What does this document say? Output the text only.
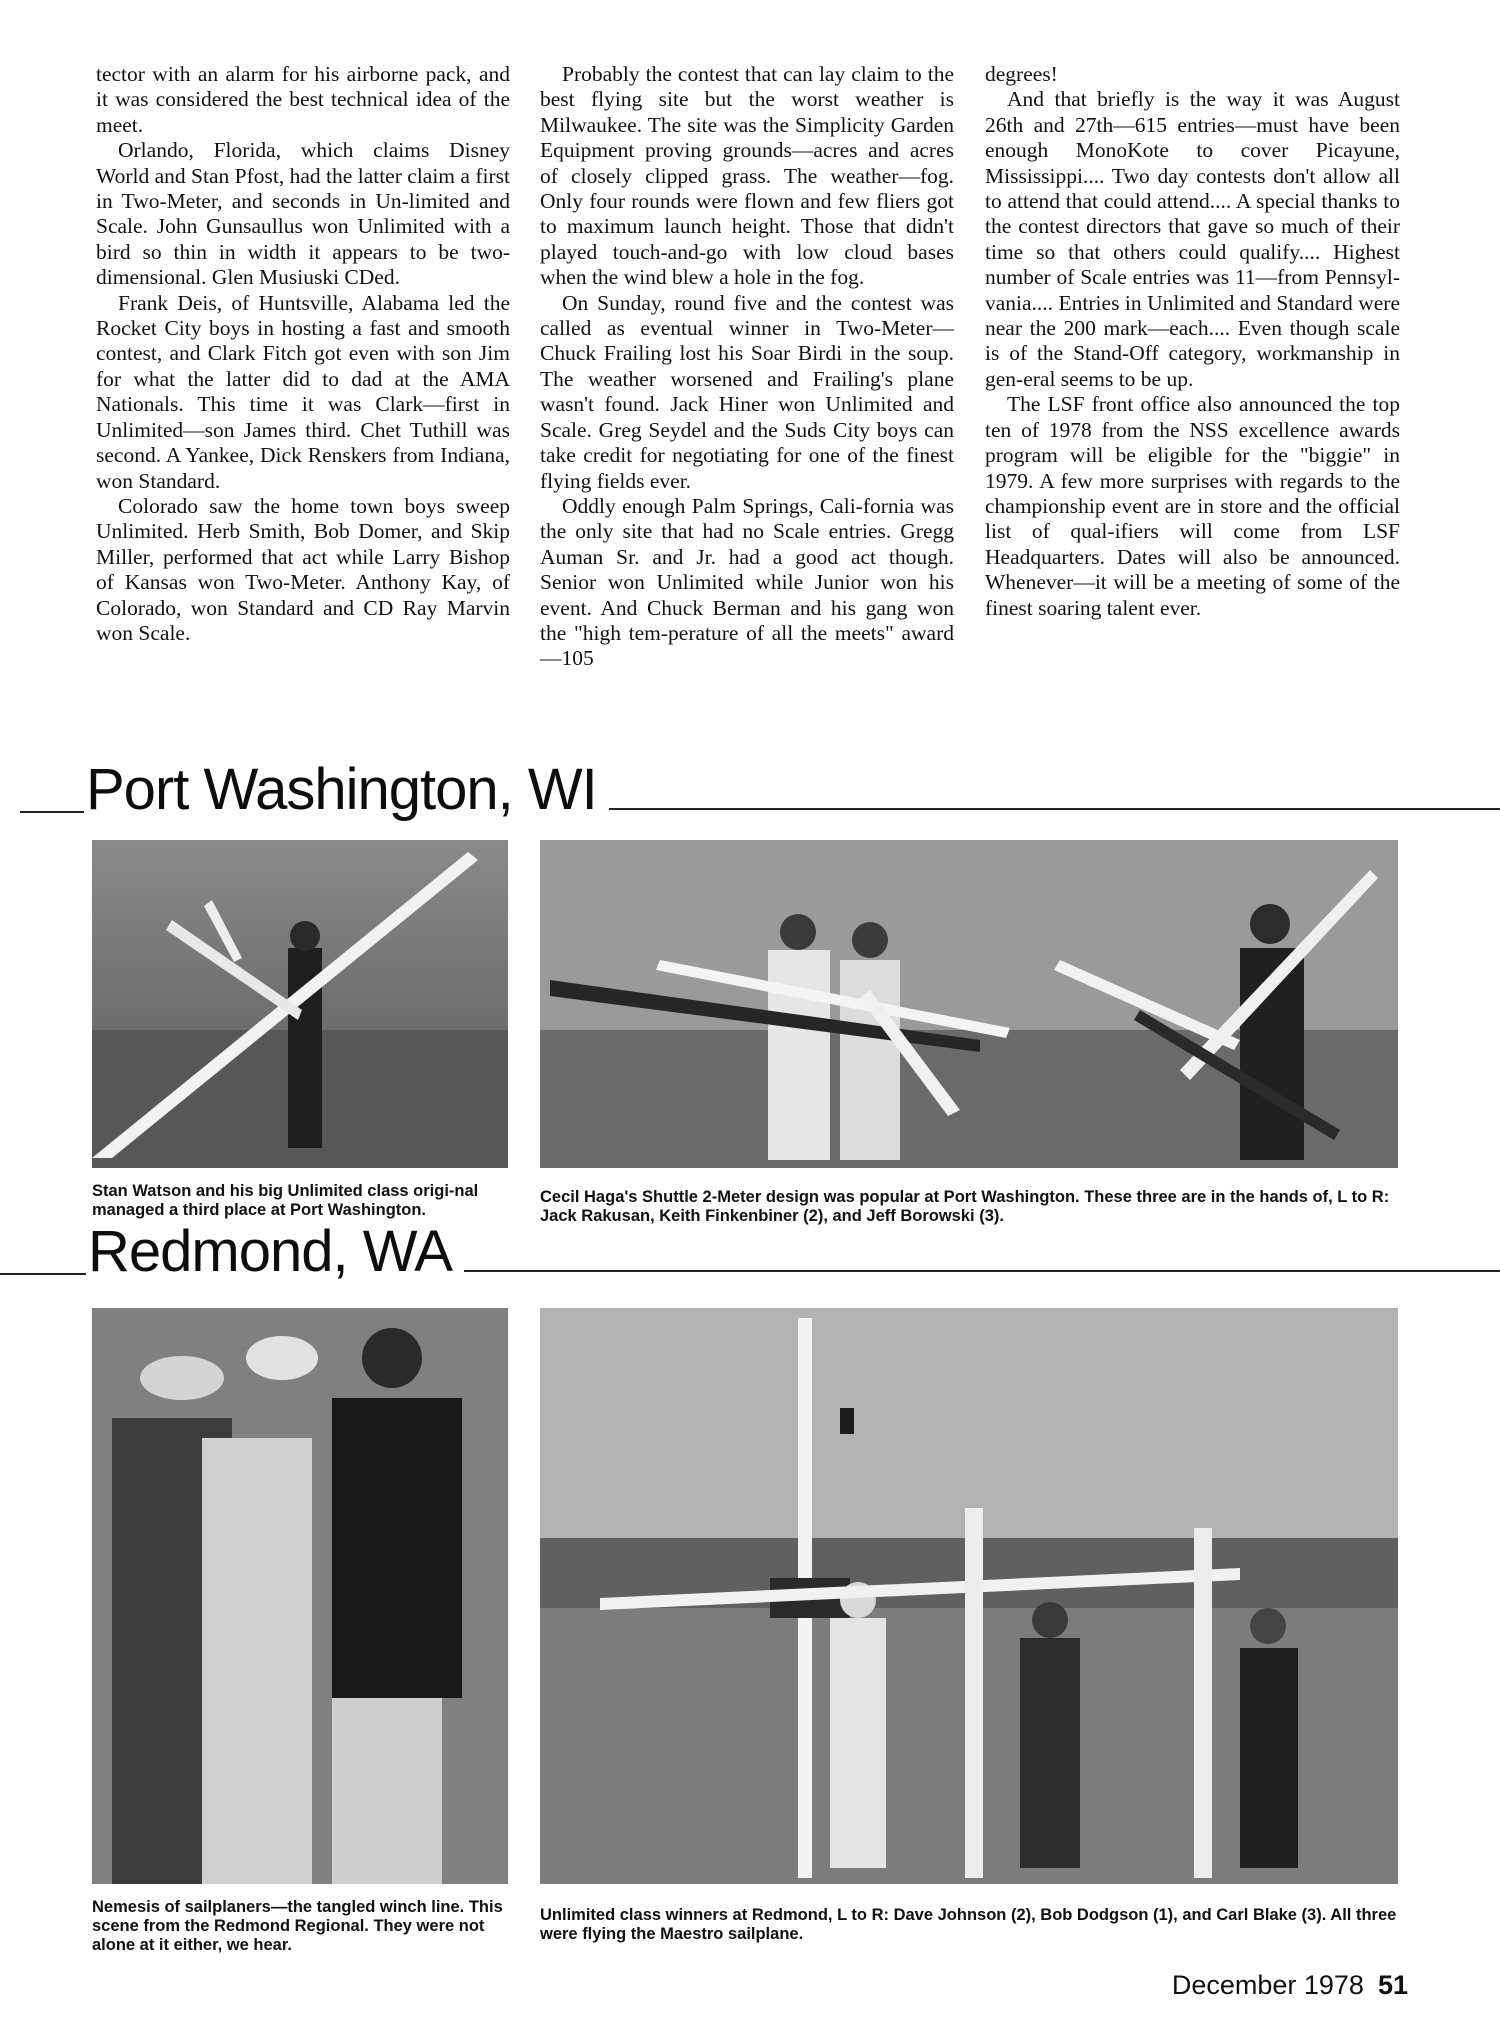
tector with an alarm for his airborne pack, and it was considered the best technical idea of the meet.

Orlando, Florida, which claims Disney World and Stan Pfost, had the latter claim a first in Two-Meter, and seconds in Un-limited and Scale. John Gunsaullus won Unlimited with a bird so thin in width it appears to be two-dimensional. Glen Musiuski CDed.

Frank Deis, of Huntsville, Alabama led the Rocket City boys in hosting a fast and smooth contest, and Clark Fitch got even with son Jim for what the latter did to dad at the AMA Nationals. This time it was Clark—first in Unlimited—son James third. Chet Tuthill was second. A Yankee, Dick Renskers from Indiana, won Standard.

Colorado saw the home town boys sweep Unlimited. Herb Smith, Bob Domer, and Skip Miller, performed that act while Larry Bishop of Kansas won Two-Meter. Anthony Kay, of Colorado, won Standard and CD Ray Marvin won Scale.

Probably the contest that can lay claim to the best flying site but the worst weather is Milwaukee. The site was the Simplicity Garden Equipment proving grounds—acres and acres of closely clipped grass. The weather—fog. Only four rounds were flown and few fliers got to maximum launch height. Those that didn't played touch-and-go with low cloud bases when the wind blew a hole in the fog.

On Sunday, round five and the contest was called as eventual winner in Two-Meter—Chuck Frailing lost his Soar Birdi in the soup. The weather worsened and Frailing's plane wasn't found. Jack Hiner won Unlimited and Scale. Greg Seydel and the Suds City boys can take credit for negotiating for one of the finest flying fields ever.

Oddly enough Palm Springs, Cali-fornia was the only site that had no Scale entries. Gregg Auman Sr. and Jr. had a good act though. Senior won Unlimited while Junior won his event. And Chuck Berman and his gang won the "high tem-perature of all the meets" award—105

degrees!

And that briefly is the way it was August 26th and 27th—615 entries—must have been enough MonoKote to cover Picayune, Mississippi.... Two day contests don't allow all to attend that could attend.... A special thanks to the contest directors that gave so much of their time so that others could qualify.... Highest number of Scale entries was 11—from Pennsyl-vania.... Entries in Unlimited and Standard were near the 200 mark—each.... Even though scale is of the Stand-Off category, workmanship in gen-eral seems to be up.

The LSF front office also announced the top ten of 1978 from the NSS excellence awards program will be eligible for the "biggie" in 1979. A few more surprises with regards to the championship event are in store and the official list of qual-ifiers will come from LSF Headquarters. Dates will also be announced. Whenever—it will be a meeting of some of the finest soaring talent ever.

Port Washington, WI
Stan Watson and his big Unlimited class origi-nal managed a third place at Port Washington.
Cecil Haga's Shuttle 2-Meter design was popular at Port Washington. These three are in the hands of, L to R: Jack Rakusan, Keith Finkenbiner (2), and Jeff Borowski (3).
Redmond, WA
Nemesis of sailplaners—the tangled winch line. This scene from the Redmond Regional. They were not alone at it either, we hear.
Unlimited class winners at Redmond, L to R: Dave Johnson (2), Bob Dodgson (1), and Carl Blake (3). All three were flying the Maestro sailplane.
December 1978 51
